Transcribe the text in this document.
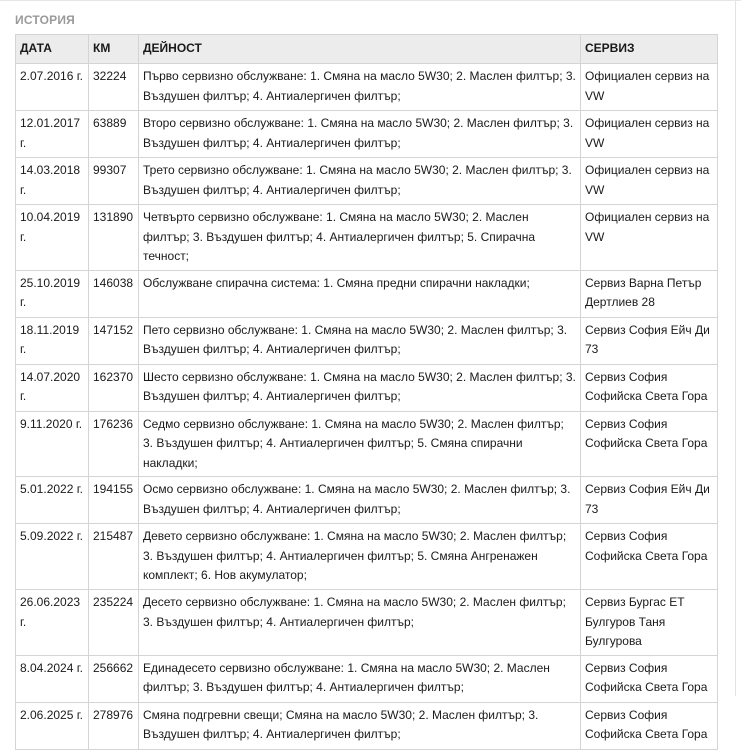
ИСТОРИЯ
ДАТА	КМ	ДЕЙНОСТ	СЕРВИЗ
2.07.2016 г.	32224	Първо сервизно обслужване: 1. Смяна на масло 5W30; 2. Маслен филтър; 3. Въздушен филтър; 4. Антиалергичен филтър;	Официален сервиз на VW
12.01.2017 г.	63889	Второ сервизно обслужване: 1. Смяна на масло 5W30; 2. Маслен филтър; 3. Въздушен филтър; 4. Антиалергичен филтър;	Официален сервиз на VW
14.03.2018 г.	99307	Трето сервизно обслужване: 1. Смяна на масло 5W30; 2. Маслен филтър; 3. Въздушен филтър; 4. Антиалергичен филтър;	Официален сервиз на VW
10.04.2019 г.	131890	Четвърто сервизно обслужване: 1. Смяна на масло 5W30; 2. Маслен филтър; 3. Въздушен филтър; 4. Антиалергичен филтър; 5. Спирачна течност;	Официален сервиз на VW
25.10.2019 г.	146038	Обслужване спирачна система: 1. Смяна предни спирачни накладки;	Сервиз Варна Петър Дертлиев 28
18.11.2019 г.	147152	Пето сервизно обслужване: 1. Смяна на масло 5W30; 2. Маслен филтър; 3. Въздушен филтър; 4. Антиалергичен филтър;	Сервиз София Ейч Ди 73
14.07.2020 г.	162370	Шесто сервизно обслужване: 1. Смяна на масло 5W30; 2. Маслен филтър; 3. Въздушен филтър; 4. Антиалергичен филтър;	Сервиз София Софийска Света Гора
9.11.2020 г.	176236	Седмо сервизно обслужване: 1. Смяна на масло 5W30; 2. Маслен филтър; 3. Въздушен филтър; 4. Антиалергичен филтър; 5. Смяна спирачни накладки;	Сервиз София Софийска Света Гора
5.01.2022 г.	194155	Осмо сервизно обслужване: 1. Смяна на масло 5W30; 2. Маслен филтър; 3. Въздушен филтър; 4. Антиалергичен филтър;	Сервиз София Ейч Ди 73
5.09.2022 г.	215487	Девето сервизно обслужване: 1. Смяна на масло 5W30; 2. Маслен филтър; 3. Въздушен филтър; 4. Антиалергичен филтър; 5. Смяна Ангренажен комплект; 6. Нов акумулатор;	Сервиз София Софийска Света Гора
26.06.2023 г.	235224	Десето сервизно обслужване: 1. Смяна на масло 5W30; 2. Маслен филтър; 3. Въздушен филтър; 4. Антиалергичен филтър;	Сервиз Бургас ЕТ Булгуров Таня Булгурова
8.04.2024 г.	256662	Единадесето сервизно обслужване: 1. Смяна на масло 5W30; 2. Маслен филтър; 3. Въздушен филтър; 4. Антиалергичен филтър;	Сервиз София Софийска Света Гора
2.06.2025 г.	278976	Смяна подгревни свещи; Смяна на масло 5W30; 2. Маслен филтър; 3. Въздушен филтър; 4. Антиалергичен филтър;	Сервиз София Софийска Света Гора
